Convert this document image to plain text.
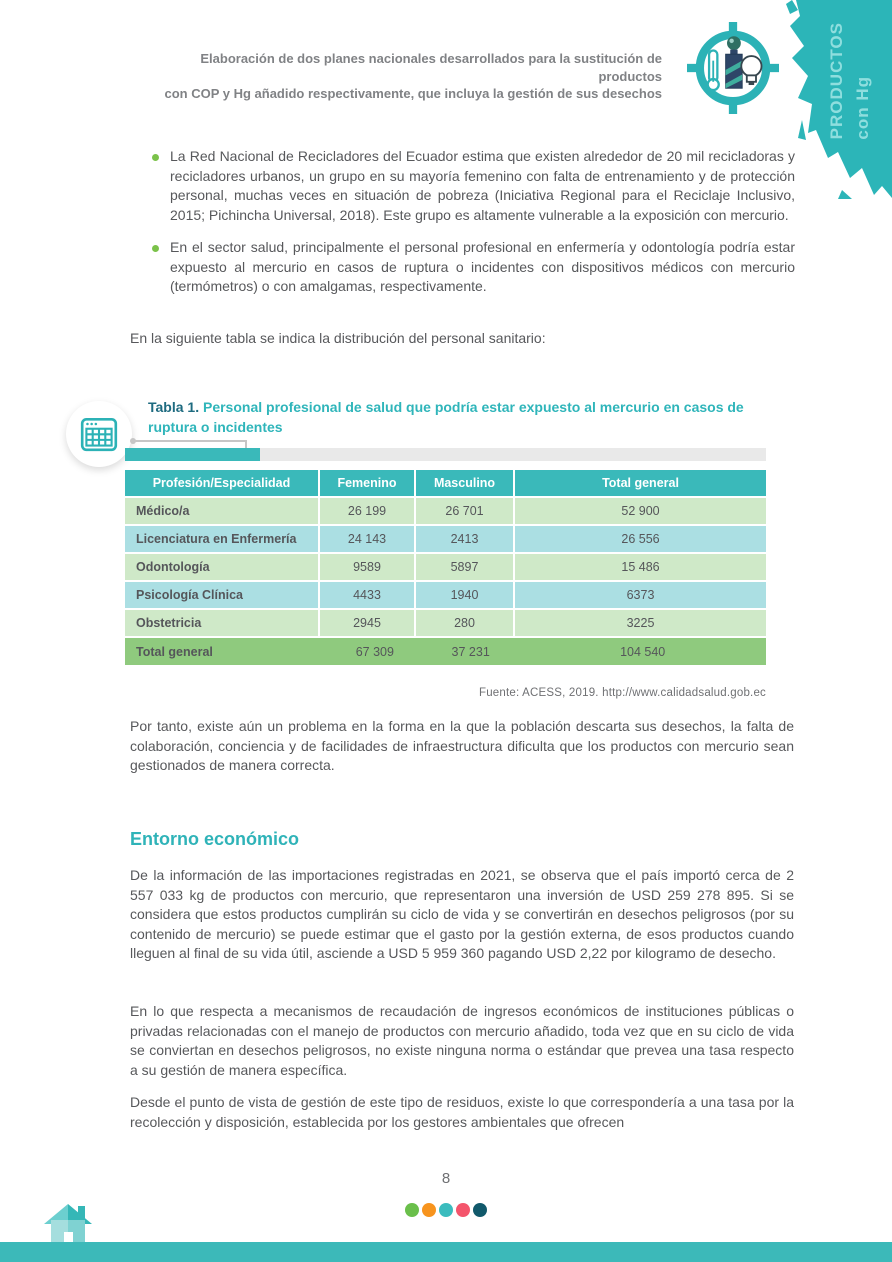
PRODUCTOS con Hg
Elaboración de dos planes nacionales desarrollados para la sustitución de productos
con COP y Hg añadido respectivamente, que incluya la gestión de sus desechos
La Red Nacional de Recicladores del Ecuador estima que existen alrededor de 20 mil recicladoras y recicladores urbanos, un grupo en su mayoría femenino con falta de entrenamiento y de protección personal, muchas veces en situación de pobreza (Iniciativa Regional para el Reciclaje Inclusivo, 2015; Pichincha Universal, 2018). Este grupo es altamente vulnerable a la exposición con mercurio.
En el sector salud, principalmente el personal profesional en enfermería y odontología podría estar expuesto al mercurio en casos de ruptura o incidentes con dispositivos médicos con mercurio (termómetros) o con amalgamas, respectivamente.
En la siguiente tabla se indica la distribución del personal sanitario:
Tabla 1. Personal profesional de salud que podría estar expuesto al mercurio en casos de ruptura o incidentes
Profesión/Especialidad	Femenino	Masculino	Total general
Médico/a	26 199	26 701	52 900
Licenciatura en Enfermería	24 143	2413	26 556
Odontología	9589	5897	15 486
Psicología Clínica	4433	1940	6373
Obstetricia	2945	280	3225
Total general	67 309	37 231	104 540
Fuente: ACESS, 2019. http://www.calidadsalud.gob.ec
Por tanto, existe aún un problema en la forma en la que la población descarta sus desechos, la falta de colaboración, conciencia y de facilidades de infraestructura dificulta que los productos con mercurio sean gestionados de manera correcta.
Entorno económico
De la información de las importaciones registradas en 2021, se observa que el país importó cerca de 2 557 033 kg de productos con mercurio, que representaron una inversión de USD 259 278 895. Si se considera que estos productos cumplirán su ciclo de vida y se convertirán en desechos peligrosos (por su contenido de mercurio) se puede estimar que el gasto por la gestión externa, de esos productos cuando lleguen al final de su vida útil, asciende a USD 5 959 360 pagando USD 2,22 por kilogramo de desecho.
En lo que respecta a mecanismos de recaudación de ingresos económicos de instituciones públicas o privadas relacionadas con el manejo de productos con mercurio añadido, toda vez que en su ciclo de vida se conviertan en desechos peligrosos, no existe ninguna norma o estándar que prevea una tasa respecto a su gestión de manera específica.
Desde el punto de vista de gestión de este tipo de residuos, existe lo que correspondería a una tasa por la recolección y disposición, establecida por los gestores ambientales que ofrecen
8
